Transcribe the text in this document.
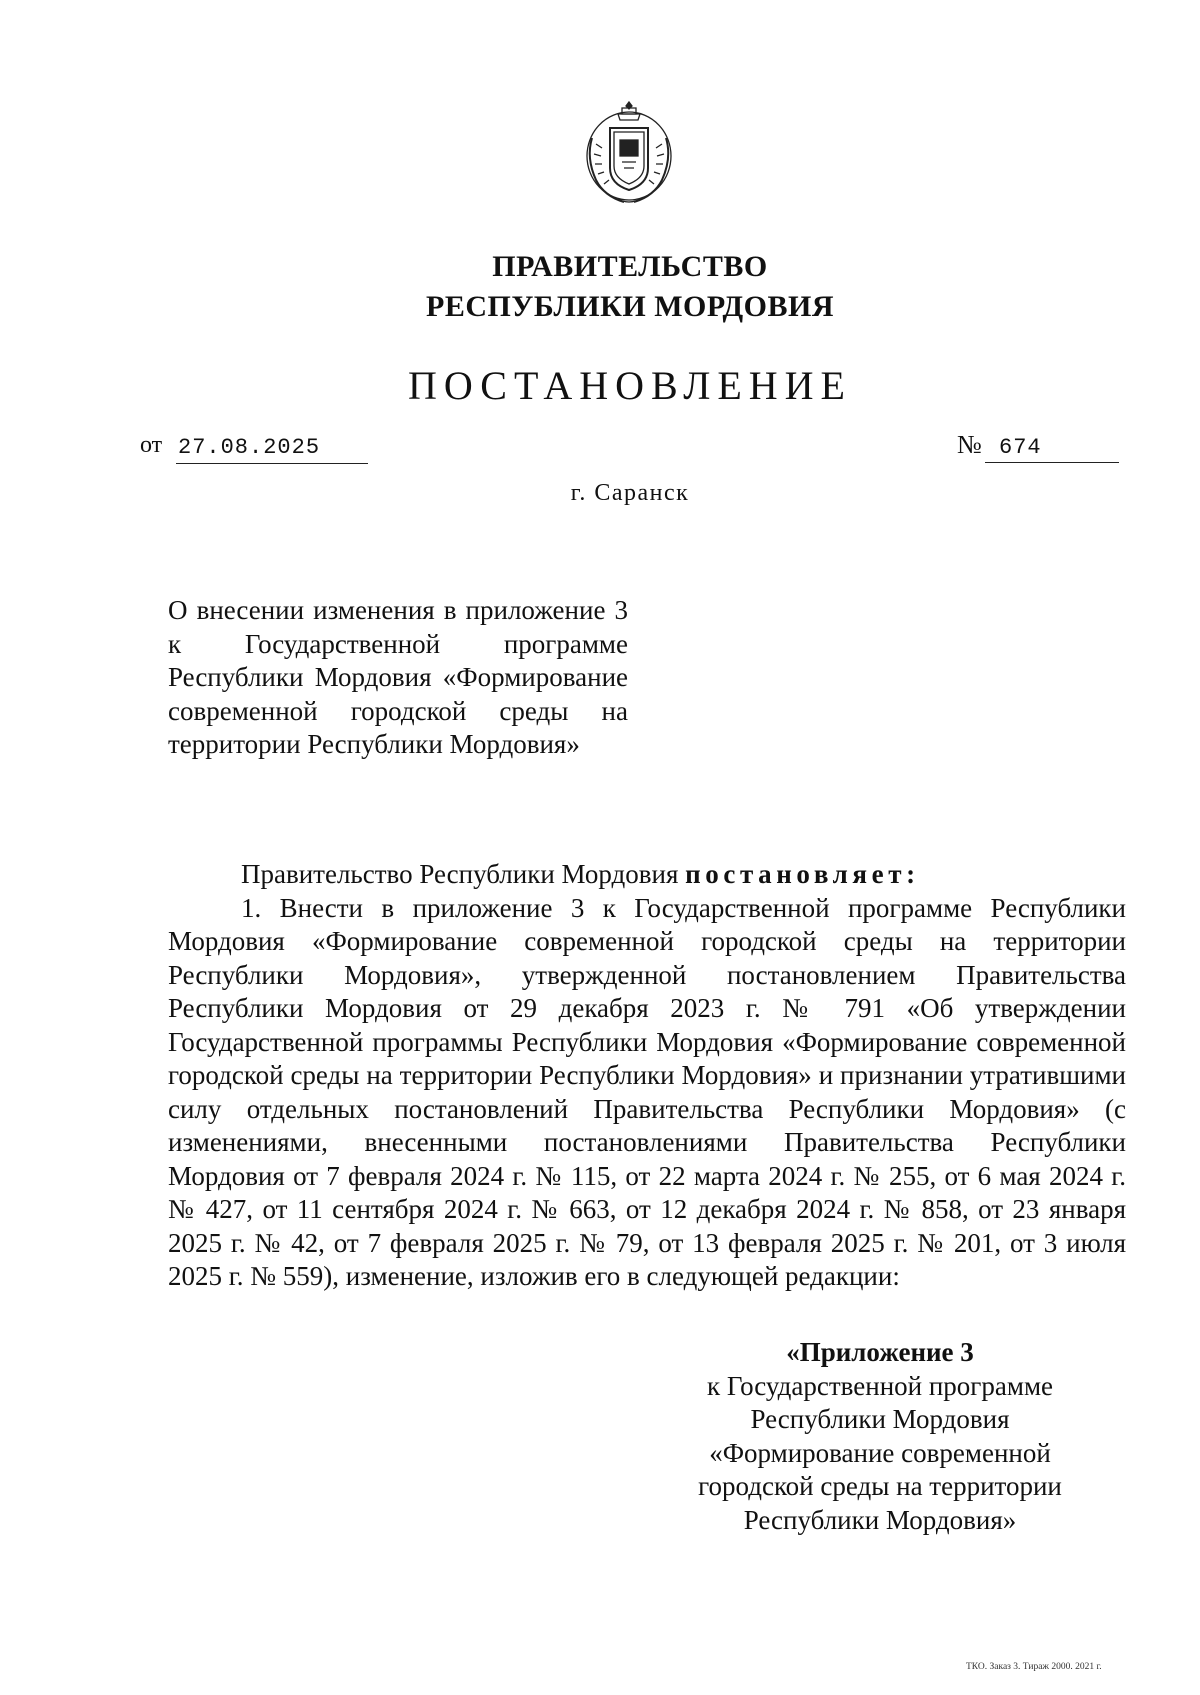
ПРАВИТЕЛЬСТВО
РЕСПУБЛИКИ МОРДОВИЯ
ПОСТАНОВЛЕНИЕ
от 27.08.2025	№ 674
г. Саранск
О внесении изменения в приложение 3 к Государственной программе Республики Мордовия «Формирование современной городской среды на территории Республики Мордовия»

Правительство Республики Мордовия постановляет:

1. Внести в приложение 3 к Государственной программе Республики Мордовия «Формирование современной городской среды на территории Республики Мордовия», утвержденной постановлением Правительства Республики Мордовия от 29 декабря 2023 г. № 791 «Об утверждении Государственной программы Республики Мордовия «Формирование современной городской среды на территории Республики Мордовия» и признании утратившими силу отдельных постановлений Правительства Республики Мордовия» (с изменениями, внесенными постановлениями Правительства Республики Мордовия от 7 февраля 2024 г. № 115, от 22 марта 2024 г. № 255, от 6 мая 2024 г. № 427, от 11 сентября 2024 г. № 663, от 12 декабря 2024 г. № 858, от 23 января 2025 г. № 42, от 7 февраля 2025 г. № 79, от 13 февраля 2025 г. № 201, от 3 июля 2025 г. № 559), изменение, изложив его в следующей редакции:

«Приложение 3
к Государственной программе
Республики Мордовия
«Формирование современной
городской среды на территории
Республики Мордовия»
ТКО. Заказ 3. Тираж 2000. 2021 г.
